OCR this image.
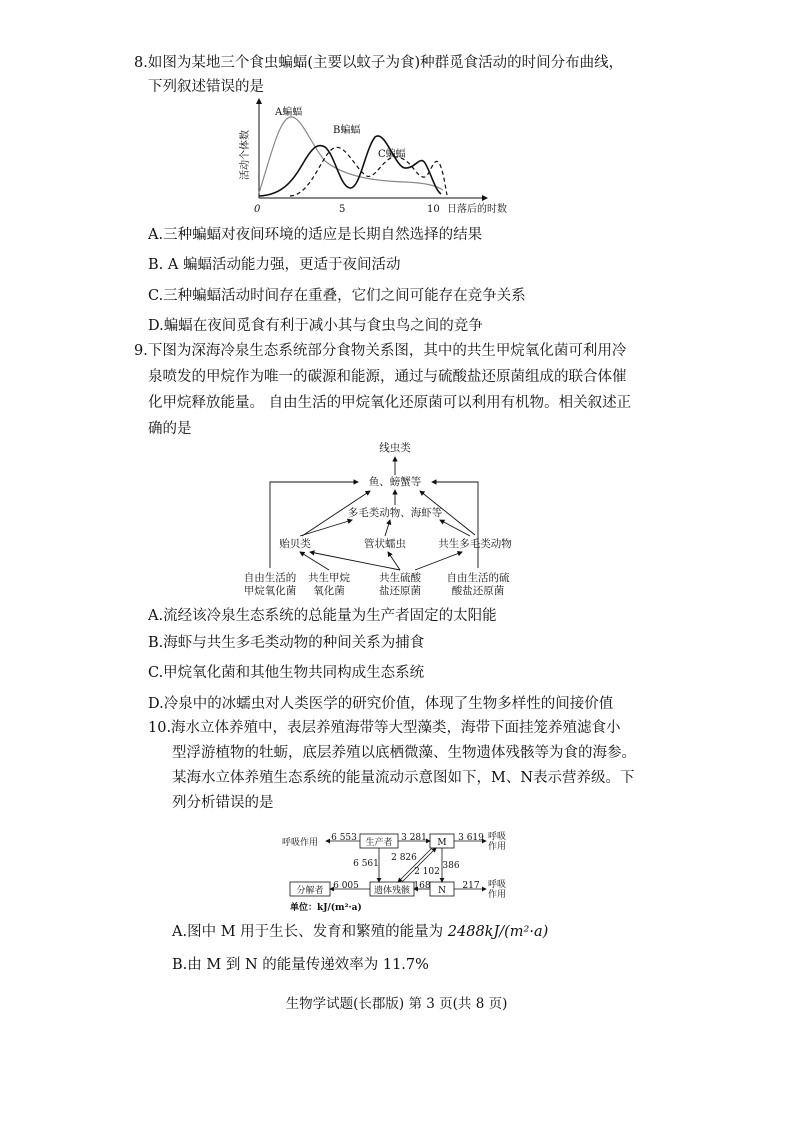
8.如图为某地三个食虫蝙蝠(主要以蚊子为食)种群觅食活动的时间分布曲线，
下列叙述错误的是
活动个体数
A蝙蝠
B蝙蝠
C蝙蝠
0	5	10 日落后的时数
A.三种蝙蝠对夜间环境的适应是长期自然选择的结果
B. A 蝙蝠活动能力强，更适于夜间活动
C.三种蝙蝠活动时间存在重叠，它们之间可能存在竞争关系
D.蝙蝠在夜间觅食有利于减小其与食虫鸟之间的竞争
9.下图为深海冷泉生态系统部分食物关系图，其中的共生甲烷氧化菌可利用冷
泉喷发的甲烷作为唯一的碳源和能源，通过与硫酸盐还原菌组成的联合体催
化甲烷释放能量。 自由生活的甲烷氧化还原菌可以利用有机物。相关叙述正
确的是
线虫类
鱼、螃蟹等
多毛类动物、海虾等
贻贝类	管状蠕虫	共生多毛类动物
自由生活的
甲烷氧化菌
共生甲烷
氧化菌
共生硫酸
盐还原菌
自由生活的硫
酸盐还原菌
A.流经该冷泉生态系统的总能量为生产者固定的太阳能
B.海虾与共生多毛类动物的种间关系为捕食
C.甲烷氧化菌和其他生物共同构成生态系统
D.冷泉中的冰蠕虫对人类医学的研究价值，体现了生物多样性的间接价值
10.海水立体养殖中，表层养殖海带等大型藻类，海带下面挂笼养殖滤食小
型浮游植物的牡蛎，底层养殖以底栖微藻、生物遗体残骸等为食的海参。
某海水立体养殖生态系统的能量流动示意图如下，M、N表示营养级。下
列分析错误的是
生产者	M
遗体残骸	N
分解者
呼吸作用
呼吸
作用
呼吸
作用
6 553	3 281	3 619
6 561
2 826
386
2 102
6 005	168	217
单位：kJ/(m²·a)
A.图中 M 用于生长、发育和繁殖的能量为 2488kJ/(m²·a)
B.由 M 到 N 的能量传递效率为 11.7%
生物学试题(长郡版) 第 3 页(共 8 页)
